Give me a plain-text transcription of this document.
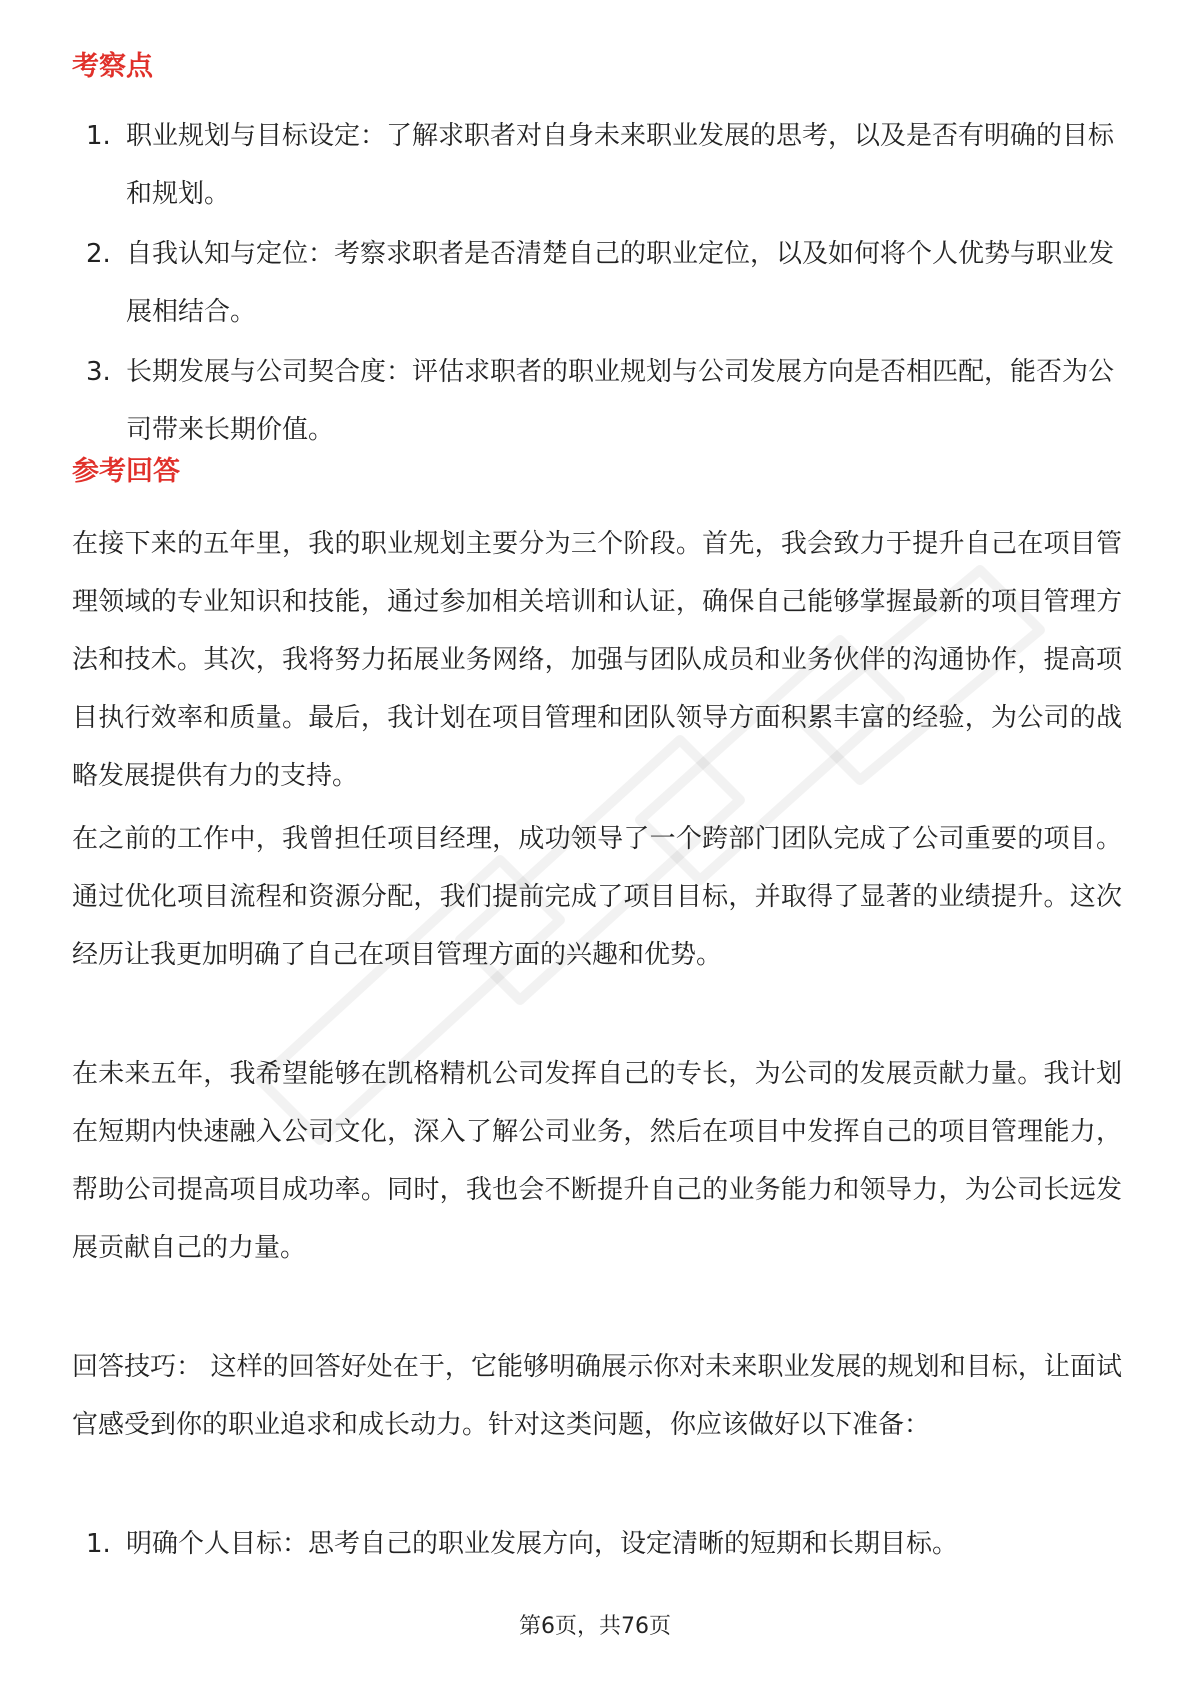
考察点
1. 职业规划与目标设定：了解求职者对自身未来职业发展的思考，以及是否有明确的目标和规划。
2. 自我认知与定位：考察求职者是否清楚自己的职业定位，以及如何将个人优势与职业发展相结合。
3. 长期发展与公司契合度：评估求职者的职业规划与公司发展方向是否相匹配，能否为公司带来长期价值。
参考回答

在接下来的五年里，我的职业规划主要分为三个阶段。首先，我会致力于提升自己在项目管理领域的专业知识和技能，通过参加相关培训和认证，确保自己能够掌握最新的项目管理方法和技术。其次，我将努力拓展业务网络，加强与团队成员和业务伙伴的沟通协作，提高项目执行效率和质量。最后，我计划在项目管理和团队领导方面积累丰富的经验，为公司的战略发展提供有力的支持。

在之前的工作中，我曾担任项目经理，成功领导了一个跨部门团队完成了公司重要的项目。通过优化项目流程和资源分配，我们提前完成了项目目标，并取得了显著的业绩提升。这次经历让我更加明确了自己在项目管理方面的兴趣和优势。

在未来五年，我希望能够在凯格精机公司发挥自己的专长，为公司的发展贡献力量。我计划在短期内快速融入公司文化，深入了解公司业务，然后在项目中发挥自己的项目管理能力，帮助公司提高项目成功率。同时，我也会不断提升自己的业务能力和领导力，为公司长远发展贡献自己的力量。

回答技巧： 这样的回答好处在于，它能够明确展示你对未来职业发展的规划和目标，让面试官感受到你的职业追求和成长动力。针对这类问题，你应该做好以下准备：

1. 明确个人目标：思考自己的职业发展方向，设定清晰的短期和长期目标。
第6页，共76页
